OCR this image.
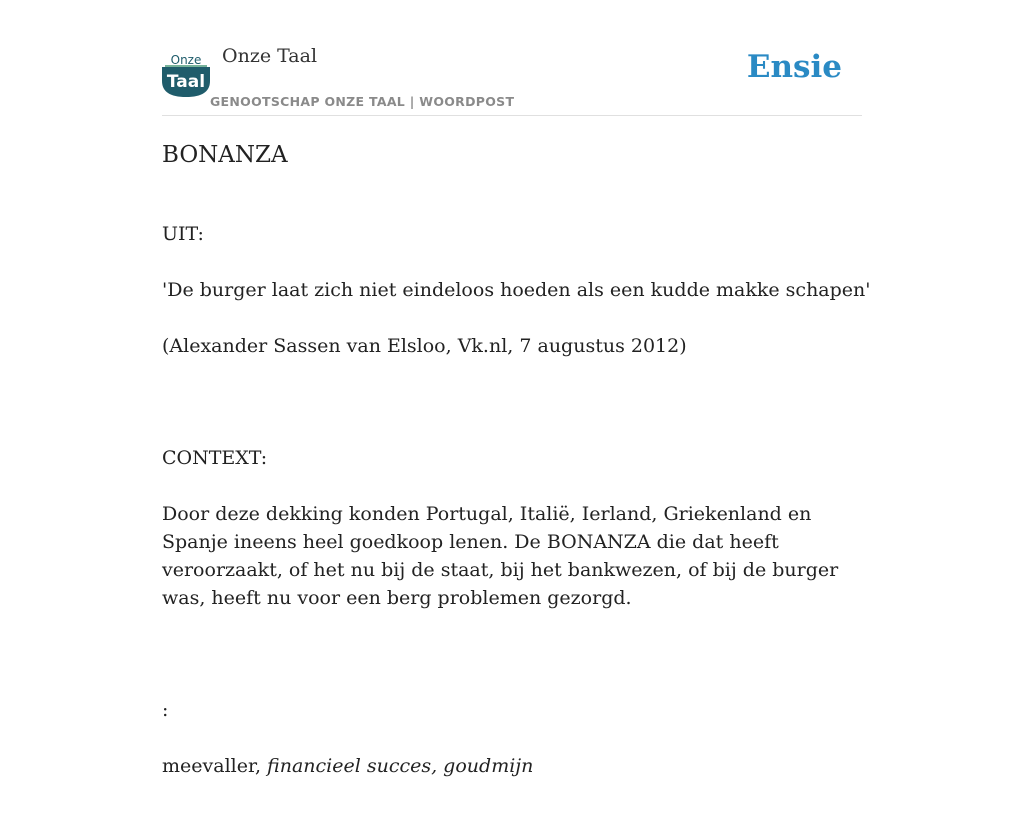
Onze
Taal
Onze Taal
GENOOTSCHAP ONZE TAAL | WOORDPOST
Ensie
BONANZA

UIT:

'De burger laat zich niet eindeloos hoeden als een kudde makke schapen'

(Alexander Sassen van Elsloo, Vk.nl, 7 augustus 2012)

CONTEXT:

Door deze dekking konden Portugal, Italië, Ierland, Griekenland en Spanje ineens heel goedkoop lenen. De BONANZA die dat heeft veroorzaakt, of het nu bij de staat, bij het bankwezen, of bij de burger was, heeft nu voor een berg problemen gezorgd.

:

meevaller, financieel succes, goudmijn
